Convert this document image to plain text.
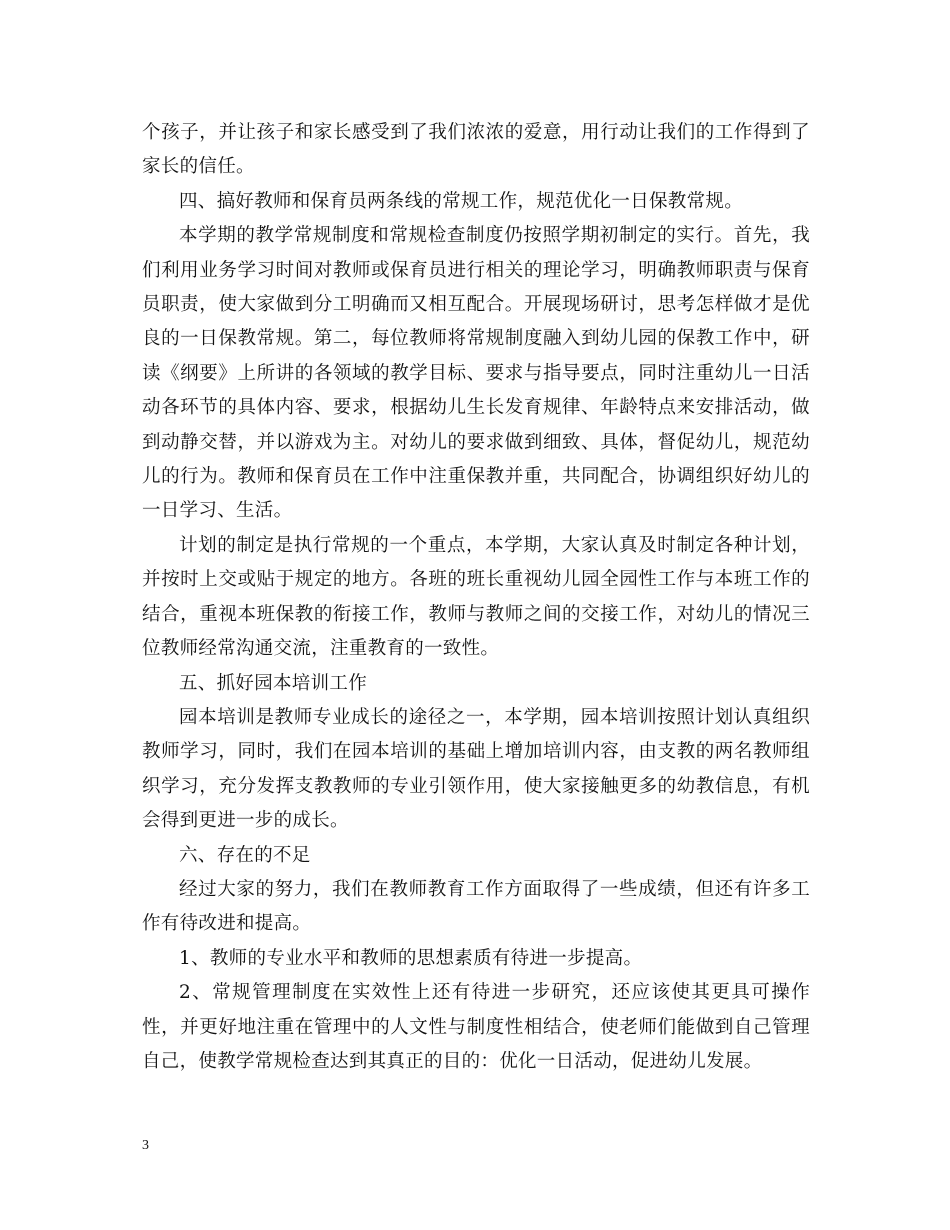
个孩子，并让孩子和家长感受到了我们浓浓的爱意，用行动让我们的工作得到了家长的信任。

四、搞好教师和保育员两条线的常规工作，规范优化一日保教常规。

本学期的教学常规制度和常规检查制度仍按照学期初制定的实行。首先，我们利用业务学习时间对教师或保育员进行相关的理论学习，明确教师职责与保育员职责，使大家做到分工明确而又相互配合。开展现场研讨，思考怎样做才是优良的一日保教常规。第二，每位教师将常规制度融入到幼儿园的保教工作中，研读《纲要》上所讲的各领域的教学目标、要求与指导要点，同时注重幼儿一日活动各环节的具体内容、要求，根据幼儿生长发育规律、年龄特点来安排活动，做到动静交替，并以游戏为主。对幼儿的要求做到细致、具体，督促幼儿，规范幼儿的行为。教师和保育员在工作中注重保教并重，共同配合，协调组织好幼儿的一日学习、生活。

计划的制定是执行常规的一个重点，本学期，大家认真及时制定各种计划，并按时上交或贴于规定的地方。各班的班长重视幼儿园全园性工作与本班工作的结合，重视本班保教的衔接工作，教师与教师之间的交接工作，对幼儿的情况三位教师经常沟通交流，注重教育的一致性。

五、抓好园本培训工作

园本培训是教师专业成长的途径之一，本学期，园本培训按照计划认真组织教师学习，同时，我们在园本培训的基础上增加培训内容，由支教的两名教师组织学习，充分发挥支教教师的专业引领作用，使大家接触更多的幼教信息，有机会得到更进一步的成长。

六、存在的不足

经过大家的努力，我们在教师教育工作方面取得了一些成绩，但还有许多工作有待改进和提高。

1、教师的专业水平和教师的思想素质有待进一步提高。

2、常规管理制度在实效性上还有待进一步研究，还应该使其更具可操作性，并更好地注重在管理中的人文性与制度性相结合，使老师们能做到自己管理自己，使教学常规检查达到其真正的目的：优化一日活动，促进幼儿发展。

3
